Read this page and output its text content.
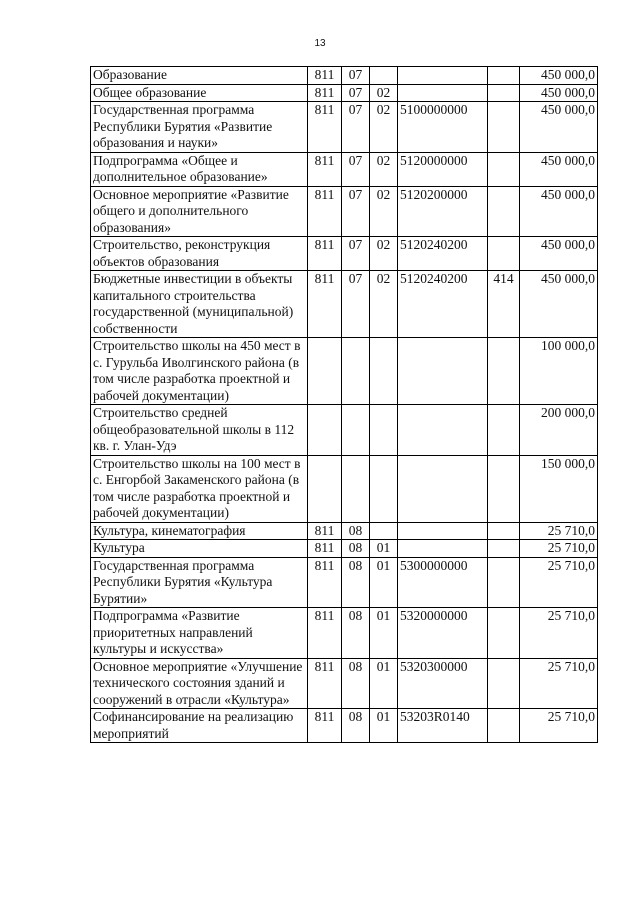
13
Образование	811	07				450 000,0
Общее образование	811	07	02			450 000,0
Государственная программа Республики Бурятия «Развитие образования и науки»	811	07	02	5100000000		450 000,0
Подпрограмма «Общее и дополнительное образование»	811	07	02	5120000000		450 000,0
Основное мероприятие «Развитие общего и дополнительного образования»	811	07	02	5120200000		450 000,0
Строительство, реконструкция объектов образования	811	07	02	5120240200		450 000,0
Бюджетные инвестиции в объекты капитального строительства государственной (муниципальной) собственности	811	07	02	5120240200	414	450 000,0
Строительство школы на 450 мест в с. Гурульба Иволгинского района (в том числе разработка проектной и рабочей документации)						100 000,0
Строительство средней общеобразовательной школы в 112 кв. г. Улан-Удэ						200 000,0
Строительство школы на 100 мест в с. Енгорбой Закаменского района (в том числе разработка проектной и рабочей документации)						150 000,0
Культура, кинематография	811	08				25 710,0
Культура	811	08	01			25 710,0
Государственная программа Республики Бурятия «Культура Бурятии»	811	08	01	5300000000		25 710,0
Подпрограмма «Развитие приоритетных направлений культуры и искусства»	811	08	01	5320000000		25 710,0
Основное мероприятие «Улучшение технического состояния зданий и сооружений в отрасли «Культура»	811	08	01	5320300000		25 710,0
Софинансирование на реализацию мероприятий	811	08	01	53203R0140		25 710,0
